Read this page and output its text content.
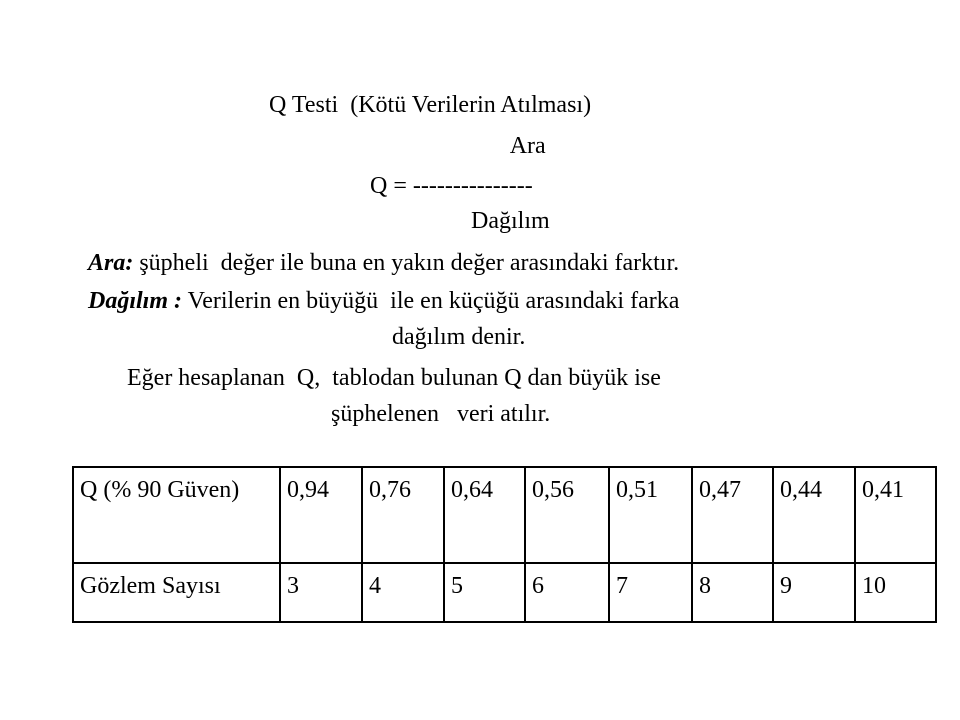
Q Testi  (Kötü Verilerin Atılması)

Ara

Q = ---------------

Dağılım

Ara: şüpheli  değer ile buna en yakın değer arasındaki farktır.

Dağılım : Verilerin en büyüğü  ile en küçüğü arasındaki farka

dağılım denir.

Eğer hesaplanan  Q,  tablodan bulunan Q dan büyük ise

şüphelenen   veri atılır.

Q (% 90 Güven)	0,94	0,76	0,64	0,56	0,51	0,47	0,44	0,41
Gözlem Sayısı	3	4	5	6	7	8	9	10
